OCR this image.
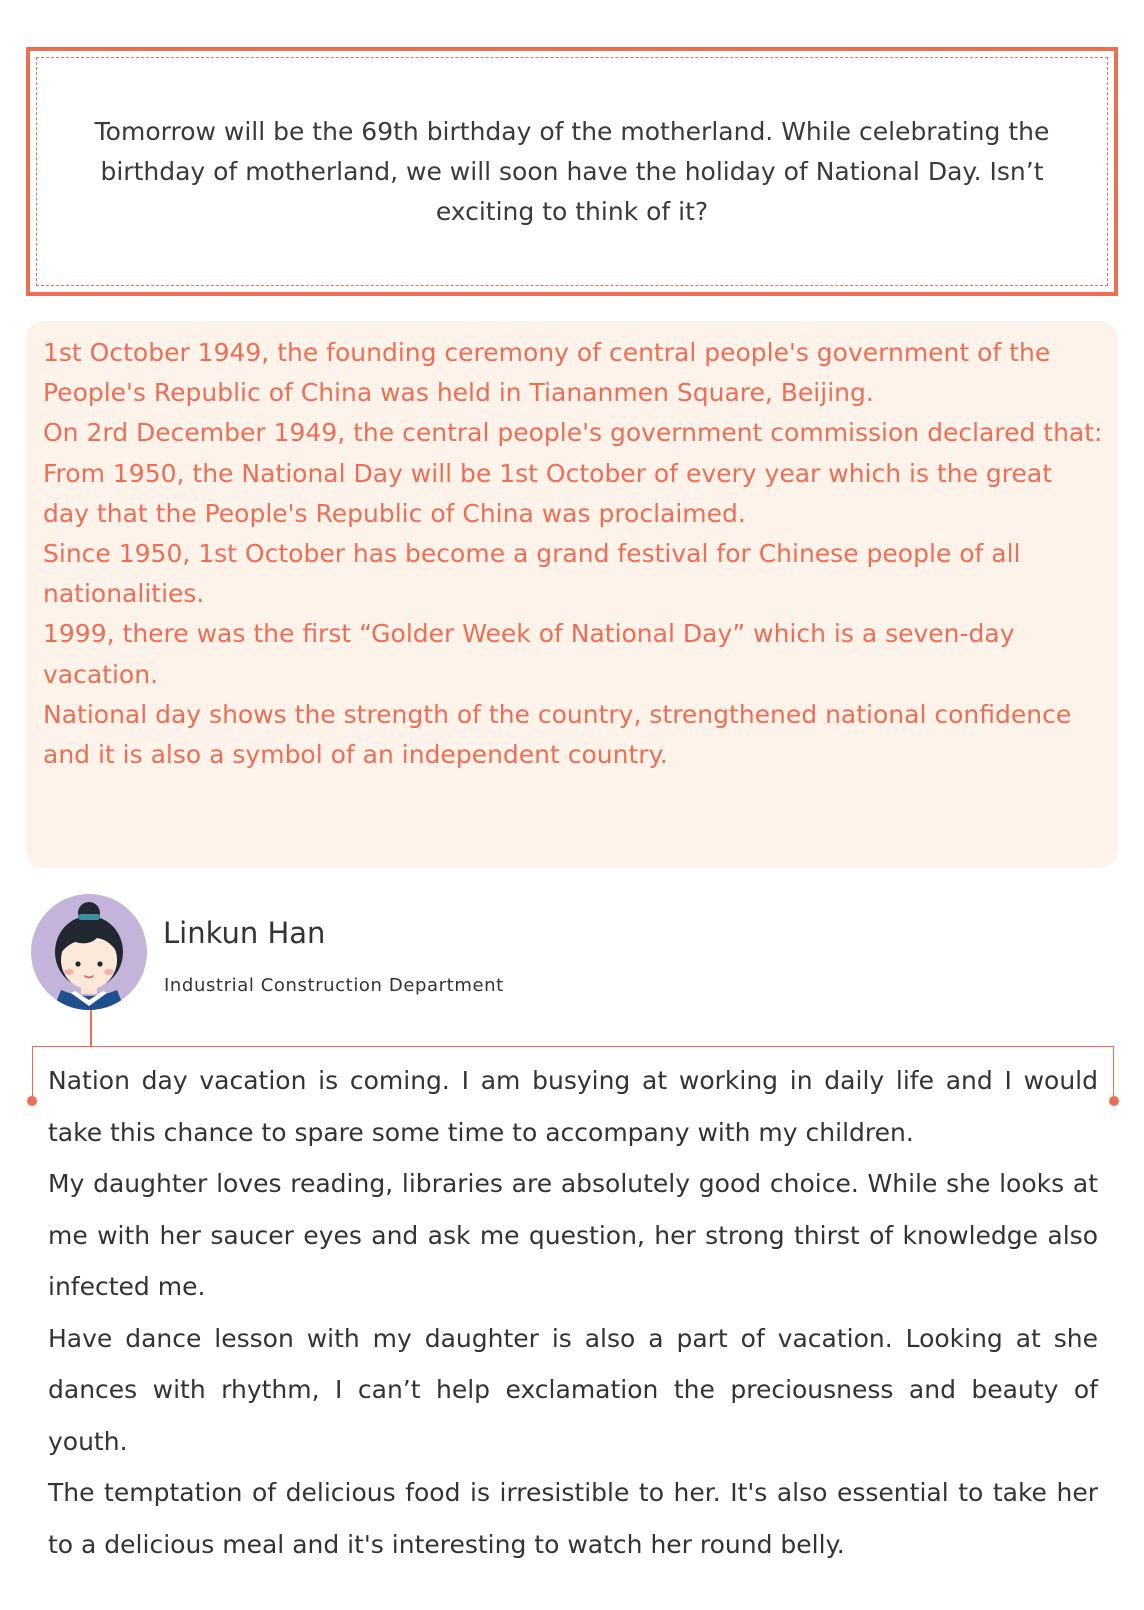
Tomorrow will be the 69th birthday of the motherland. While celebrating the birthday of motherland, we will soon have the holiday of National Day. Isn’t exciting to think of it?

1st October 1949, the founding ceremony of central people's government of the People's Republic of China was held in Tiananmen Square, Beijing.

On 2rd December 1949, the central people's government commission declared that: From 1950, the National Day will be 1st October of every year which is the great day that the People's Republic of China was proclaimed.

Since 1950, 1st October has become a grand festival for Chinese people of all nationalities.

1999, there was the first “Golder Week of National Day” which is a seven-day vacation.

National day shows the strength of the country, strengthened national confidence and it is also a symbol of an independent country.

Linkun Han

Industrial Construction Department

Nation day vacation is coming. I am busying at working in daily life and I would take this chance to spare some time to accompany with my children.

My daughter loves reading, libraries are absolutely good choice. While she looks at me with her saucer eyes and ask me question, her strong thirst of knowledge also infected me.

Have dance lesson with my daughter is also a part of vacation. Looking at she dances with rhythm, I can’t help exclamation the preciousness and beauty of youth.

The temptation of delicious food is irresistible to her. It's also essential to take her to a delicious meal and it's interesting to watch her round belly.
